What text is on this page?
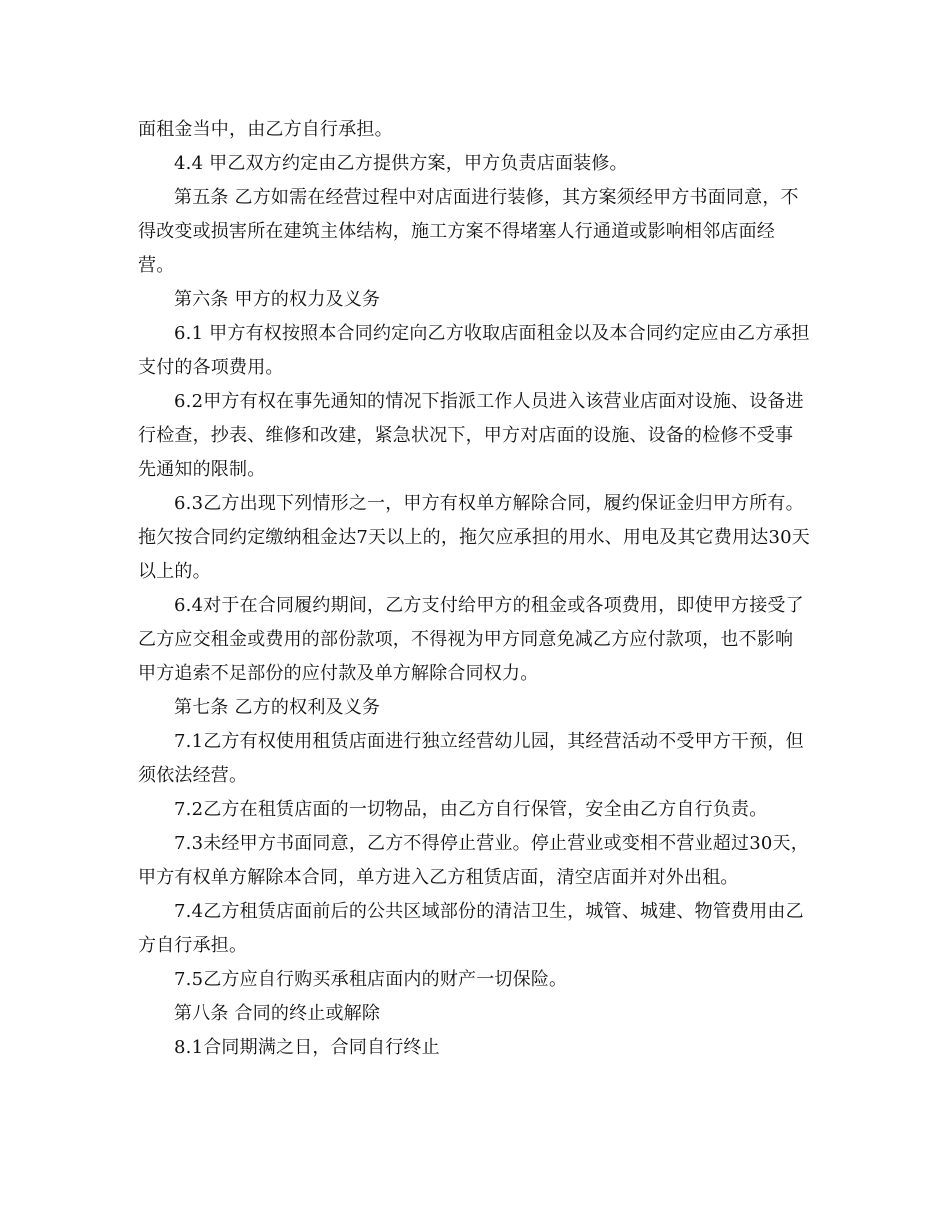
面租金当中，由乙方自行承担。

4.4 甲乙双方约定由乙方提供方案，甲方负责店面装修。

第五条 乙方如需在经营过程中对店面进行装修，其方案须经甲方书面同意，不得改变或损害所在建筑主体结构，施工方案不得堵塞人行通道或影响相邻店面经营。

第六条 甲方的权力及义务

6.1 甲方有权按照本合同约定向乙方收取店面租金以及本合同约定应由乙方承担支付的各项费用。

6.2甲方有权在事先通知的情况下指派工作人员进入该营业店面对设施、设备进行检查，抄表、维修和改建，紧急状况下，甲方对店面的设施、设备的检修不受事先通知的限制。

6.3乙方出现下列情形之一，甲方有权单方解除合同，履约保证金归甲方所有。拖欠按合同约定缴纳租金达7天以上的，拖欠应承担的用水、用电及其它费用达30天以上的。

6.4对于在合同履约期间，乙方支付给甲方的租金或各项费用，即使甲方接受了乙方应交租金或费用的部份款项，不得视为甲方同意免减乙方应付款项，也不影响甲方追索不足部份的应付款及单方解除合同权力。

第七条 乙方的权利及义务

7.1乙方有权使用租赁店面进行独立经营幼儿园，其经营活动不受甲方干预，但须依法经营。

7.2乙方在租赁店面的一切物品，由乙方自行保管，安全由乙方自行负责。

7.3未经甲方书面同意，乙方不得停止营业。停止营业或变相不营业超过30天，甲方有权单方解除本合同，单方进入乙方租赁店面，清空店面并对外出租。

7.4乙方租赁店面前后的公共区域部份的清洁卫生，城管、城建、物管费用由乙方自行承担。

7.5乙方应自行购买承租店面内的财产一切保险。

第八条 合同的终止或解除

8.1合同期满之日，合同自行终止
